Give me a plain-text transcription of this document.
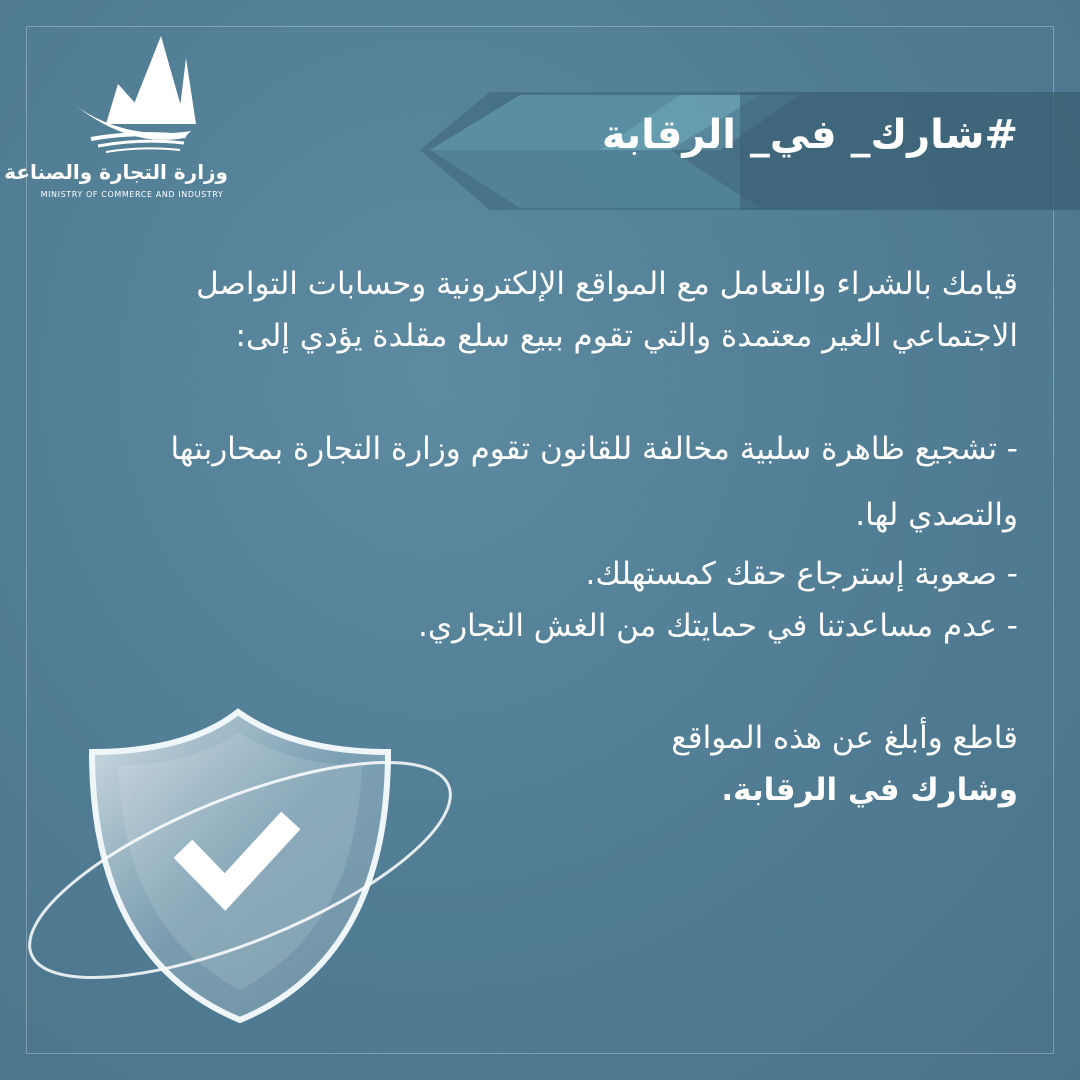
وزارة التجارة والصناعة
MINISTRY OF COMMERCE AND INDUSTRY
#شارك_ في_ الرقابة

قيامك بالشراء والتعامل مع المواقع الإلكترونية وحسابات التواصل الاجتماعي الغير معتمدة والتي تقوم ببيع سلع مقلدة يؤدي إلى:

- تشجيع ظاهرة سلبية مخالفة للقانون تقوم وزارة التجارة بمحاربتها والتصدي لها.

- صعوبة إسترجاع حقك كمستهلك.

- عدم مساعدتنا في حمايتك من الغش التجاري.

قاطع وأبلغ عن هذه المواقع

وشارك في الرقابة.
